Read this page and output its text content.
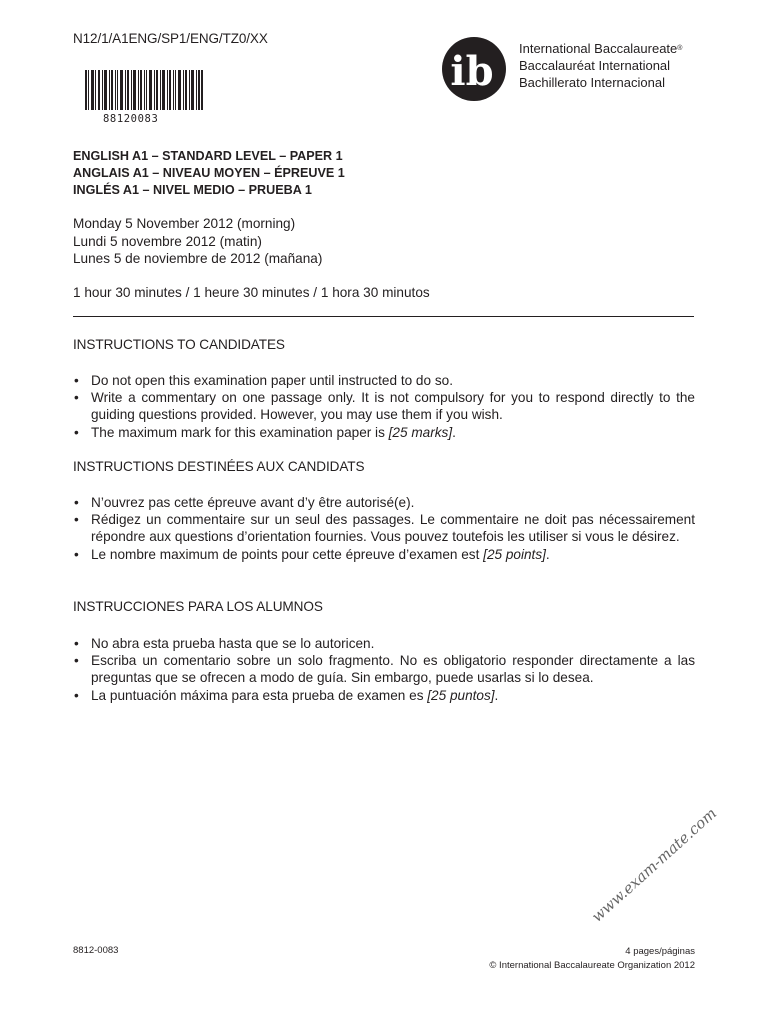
N12/1/A1ENG/SP1/ENG/TZ0/XX
88120083
ib International Baccalaureate®
Baccalauréat International
Bachillerato Internacional
ENGLISH A1 – STANDARD LEVEL – PAPER 1
ANGLAIS A1 – NIVEAU MOYEN – ÉPREUVE 1
INGLÉS A1 – NIVEL MEDIO – PRUEBA 1
Monday 5 November 2012 (morning)
Lundi 5 novembre 2012 (matin)
Lunes 5 de noviembre de 2012 (mañana)
1 hour 30 minutes / 1 heure 30 minutes / 1 hora 30 minutos
INSTRUCTIONS TO CANDIDATES
• Do not open this examination paper until instructed to do so.
• Write a commentary on one passage only. It is not compulsory for you to respond directly to the guiding questions provided. However, you may use them if you wish.
• The maximum mark for this examination paper is [25 marks].
INSTRUCTIONS DESTINÉES AUX CANDIDATS
• N’ouvrez pas cette épreuve avant d’y être autorisé(e).
• Rédigez un commentaire sur un seul des passages. Le commentaire ne doit pas nécessairement répondre aux questions d’orientation fournies. Vous pouvez toutefois les utiliser si vous le désirez.
• Le nombre maximum de points pour cette épreuve d’examen est [25 points].
INSTRUCCIONES PARA LOS ALUMNOS
• No abra esta prueba hasta que se lo autoricen.
• Escriba un comentario sobre un solo fragmento. No es obligatorio responder directamente a las preguntas que se ofrecen a modo de guía. Sin embargo, puede usarlas si lo desea.
• La puntuación máxima para esta prueba de examen es [25 puntos].
8812-0083	4 pages/páginas
© International Baccalaureate Organization 2012
www.exam-mate.com
